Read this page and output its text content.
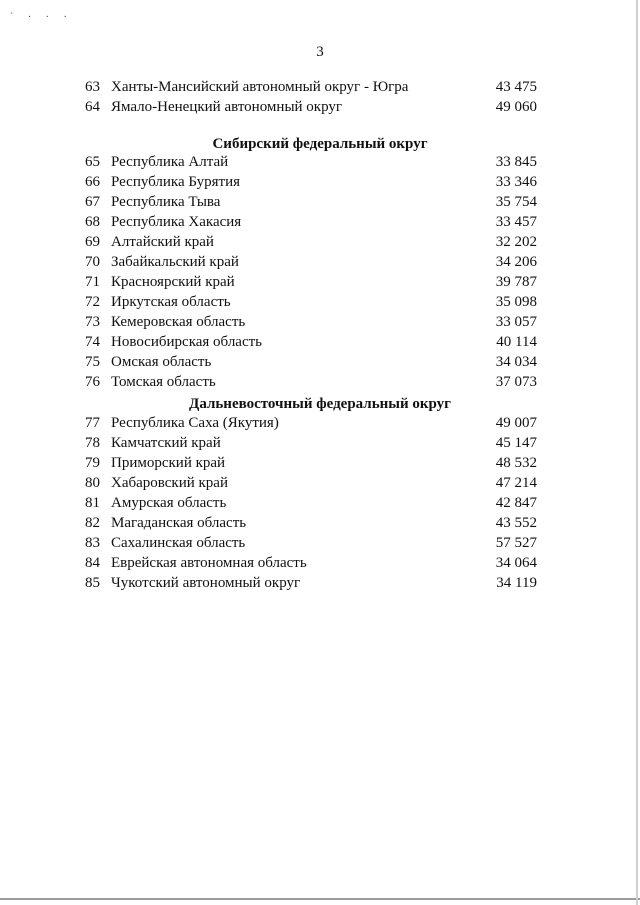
` · · ·
3
63 Ханты-Мансийский автономный округ - Югра	43 475
64 Ямало-Ненецкий автономный округ	49 060
Сибирский федеральный округ
65 Республика Алтай	33 845
66 Республика Бурятия	33 346
67 Республика Тыва	35 754
68 Республика Хакасия	33 457
69 Алтайский край	32 202
70 Забайкальский край	34 206
71 Красноярский край	39 787
72 Иркутская область	35 098
73 Кемеровская область	33 057
74 Новосибирская область	40 114
75 Омская область	34 034
76 Томская область	37 073
Дальневосточный федеральный округ
77 Республика Саха (Якутия)	49 007
78 Камчатский край	45 147
79 Приморский край	48 532
80 Хабаровский край	47 214
81 Амурская область	42 847
82 Магаданская область	43 552
83 Сахалинская область	57 527
84 Еврейская автономная область	34 064
85 Чукотский автономный округ	34 119
